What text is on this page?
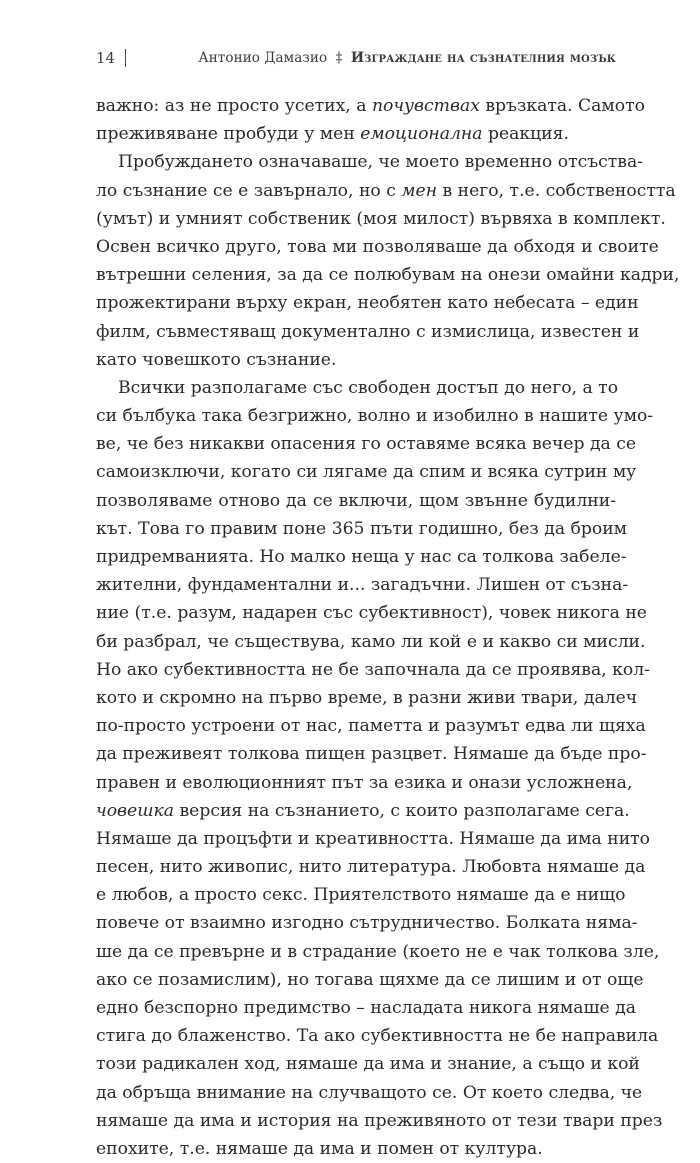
14	Антонио Дамазио ‡ Изграждане на съзнателния мозък
важно: аз не просто усетих, а почувствах връзката. Самото
преживяване пробуди у мен емоционална реакция.
Пробуждането означаваше, че моето временно отсъства-
ло съзнание се е завърнало, но с мен в него, т.е. собствеността
(умът) и умният собственик (моя милост) вървяха в комплект.
Освен всичко друго, това ми позволяваше да обходя и своите
вътрешни селения, за да се полюбувам на онези омайни кадри,
прожектирани върху екран, необятен като небесата – един
филм, съвместяващ документално с измислица, известен и
като човешкото съзнание.
Всички разполагаме със свободен достъп до него, а то
си бълбука така безгрижно, волно и изобилно в нашите умо-
ве, че без никакви опасения го оставяме всяка вечер да се
самоизключи, когато си лягаме да спим и всяка сутрин му
позволяваме отново да се включи, щом звънне будилни-
кът. Това го правим поне 365 пъти годишно, без да броим
придремванията. Но малко неща у нас са толкова забеле-
жителни, фундаментални и... загадъчни. Лишен от съзна-
ние (т.е. разум, надарен със субективност), човек никога не
би разбрал, че съществува, камо ли кой е и какво си мисли.
Но ако субективността не бе започнала да се проявява, кол-
кото и скромно на първо време, в разни живи твари, далеч
по-просто устроени от нас, паметта и разумът едва ли щяха
да преживеят толкова пищен разцвет. Нямаше да бъде про-
правен и еволюционният път за езика и онази усложнена,
човешка версия на съзнанието, с които разполагаме сега.
Нямаше да процъфти и креативността. Нямаше да има нито
песен, нито живопис, нито литература. Любовта нямаше да
е любов, а просто секс. Приятелството нямаше да е нищо
повече от взаимно изгодно сътрудничество. Болката няма-
ше да се превърне и в страдание (което не е чак толкова зле,
ако се позамислим), но тогава щяхме да се лишим и от още
едно безспорно предимство – насладата никога нямаше да
стига до блаженство. Та ако субективността не бе направила
този радикален ход, нямаше да има и знание, а също и кой
да обръща внимание на случващото се. От което следва, че
нямаше да има и история на преживяното от тези твари през
епохите, т.е. нямаше да има и помен от култура.
